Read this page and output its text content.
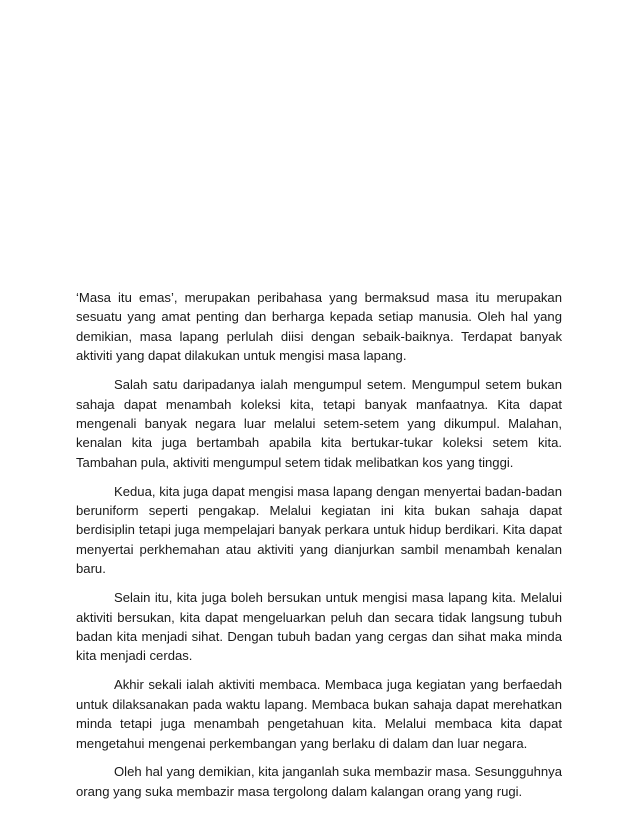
‘Masa itu emas’, merupakan peribahasa yang bermaksud masa itu merupakan sesuatu yang amat penting dan berharga kepada setiap manusia. Oleh hal yang demikian, masa lapang perlulah diisi dengan sebaik-baiknya. Terdapat banyak aktiviti yang dapat dilakukan untuk mengisi masa lapang.

Salah satu daripadanya ialah mengumpul setem. Mengumpul setem bukan sahaja dapat menambah koleksi kita, tetapi banyak manfaatnya. Kita dapat mengenali banyak negara luar melalui setem-setem yang dikumpul. Malahan, kenalan kita juga bertambah apabila kita bertukar-tukar koleksi setem kita. Tambahan pula, aktiviti mengumpul setem tidak melibatkan kos yang tinggi.

Kedua, kita juga dapat mengisi masa lapang dengan menyertai badan-badan beruniform seperti pengakap. Melalui kegiatan ini kita bukan sahaja dapat berdisiplin tetapi juga mempelajari banyak perkara untuk hidup berdikari. Kita dapat menyertai perkhemahan atau aktiviti yang dianjurkan sambil menambah kenalan baru.

Selain itu, kita juga boleh bersukan untuk mengisi masa lapang kita. Melalui aktiviti bersukan, kita dapat mengeluarkan peluh dan secara tidak langsung tubuh badan kita menjadi sihat. Dengan tubuh badan yang cergas dan sihat maka minda kita menjadi cerdas.

Akhir sekali ialah aktiviti membaca. Membaca juga kegiatan yang berfaedah untuk dilaksanakan pada waktu lapang. Membaca bukan sahaja dapat merehatkan minda tetapi juga menambah pengetahuan kita. Melalui membaca kita dapat mengetahui mengenai perkembangan yang berlaku di dalam dan luar negara.

Oleh hal yang demikian, kita janganlah suka membazir masa. Sesungguhnya orang yang suka membazir masa tergolong dalam kalangan orang yang rugi.
